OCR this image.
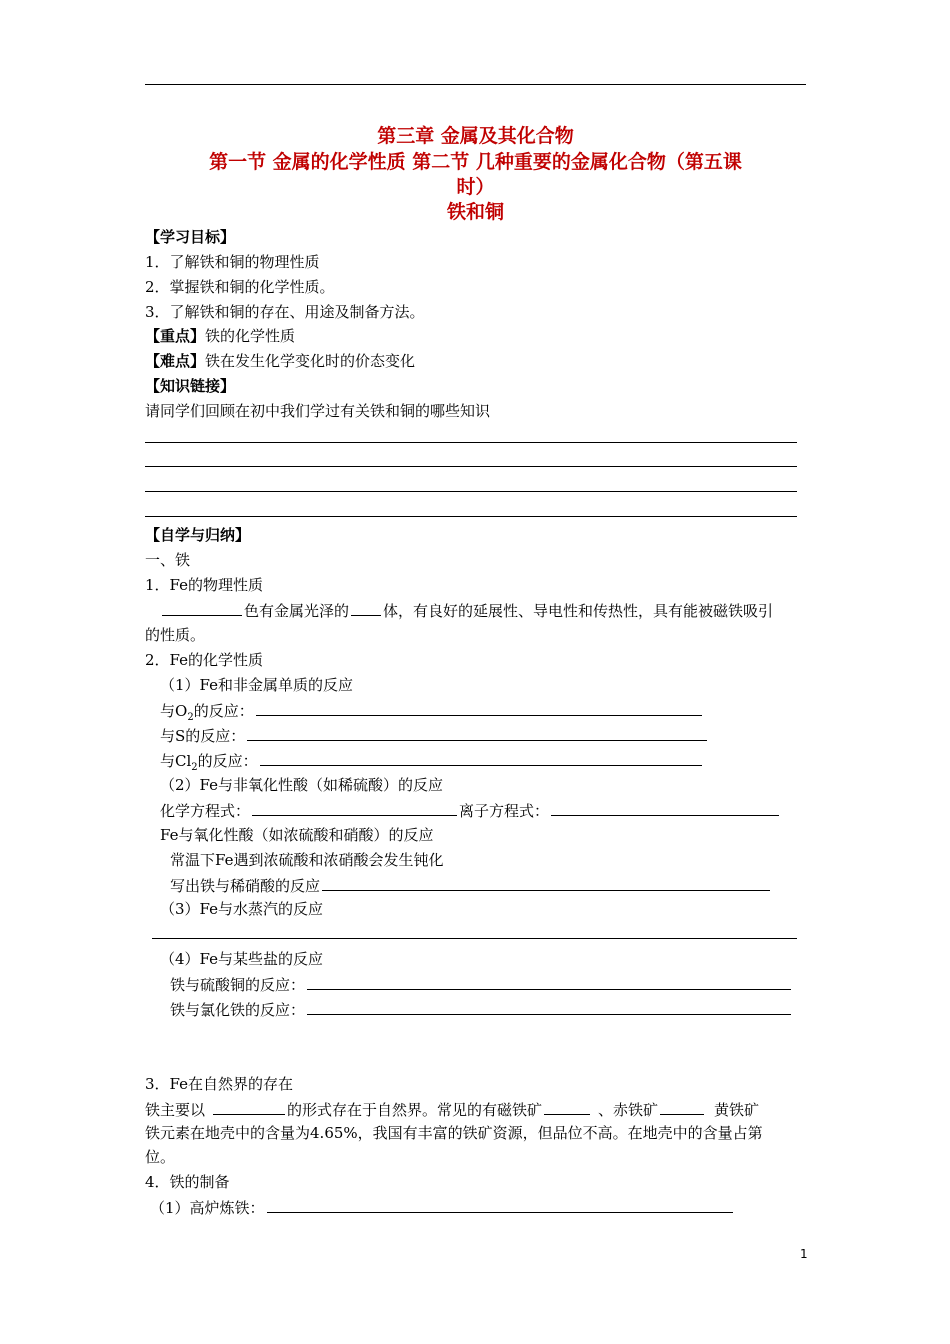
第三章 金属及其化合物
第一节 金属的化学性质 第二节 几种重要的金属化合物（第五课
时）
铁和铜
【学习目标】
1．了解铁和铜的物理性质
2．掌握铁和铜的化学性质。
3．了解铁和铜的存在、用途及制备方法。
【重点】铁的化学性质
【难点】铁在发生化学变化时的价态变化
【知识链接】
请同学们回顾在初中我们学过有关铁和铜的哪些知识
【自学与归纳】
一、铁
1．Fe的物理性质
色有金属光泽的 体，有良好的延展性、导电性和传热性，具有能被磁铁吸引
的性质。
2．Fe的化学性质
（1）Fe和非金属单质的反应
与$O_2$的反应：
与S的反应：
与$Cl_2$的反应：
（2）Fe与非氧化性酸（如稀硫酸）的反应
化学方程式：	离子方程式：
Fe与氧化性酸（如浓硫酸和硝酸）的反应
常温下Fe遇到浓硫酸和浓硝酸会发生钝化
写出铁与稀硝酸的反应
（3）Fe与水蒸汽的反应
（4）Fe与某些盐的反应
铁与硫酸铜的反应：
铁与氯化铁的反应：
3．Fe在自然界的存在
铁主要以	的形式存在于自然界。常见的有磁铁矿	、赤铁矿	黄铁矿
铁元素在地壳中的含量为4.65%，我国有丰富的铁矿资源，但品位不高。在地壳中的含量占第
位。
4．铁的制备
（1）高炉炼铁：
1
